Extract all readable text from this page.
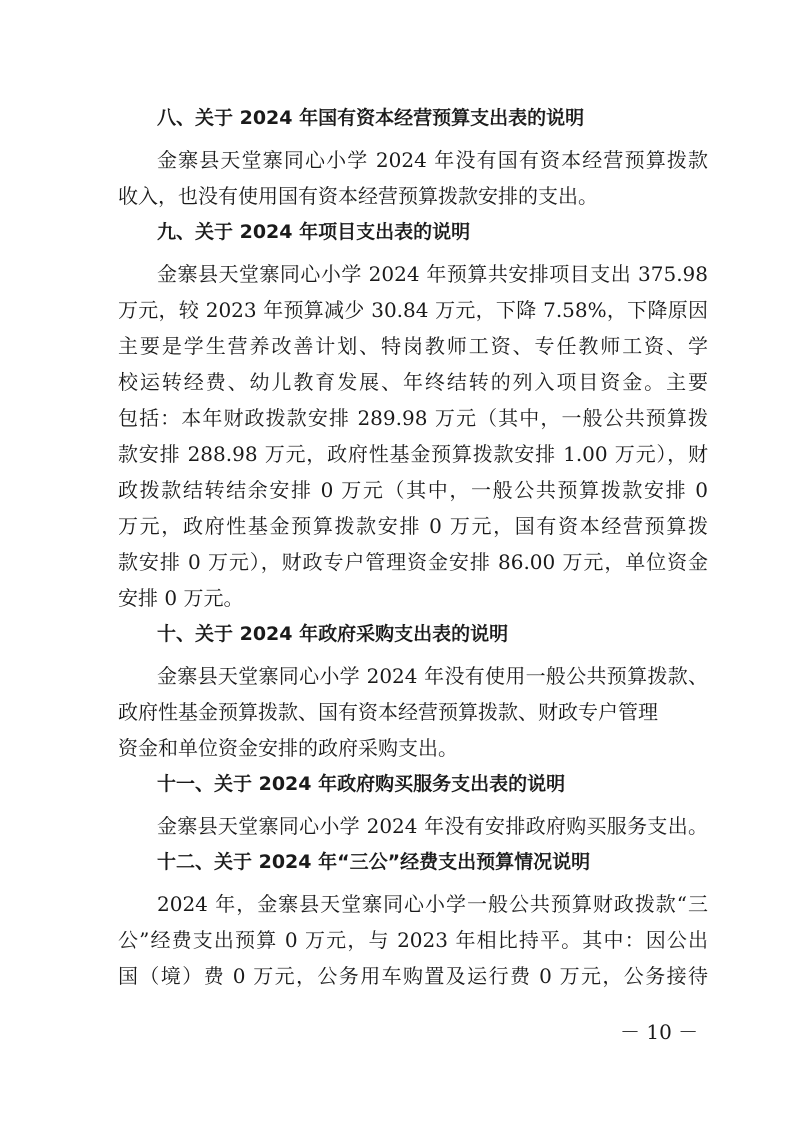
八、关于 2024 年国有资本经营预算支出表的说明
金寨县天堂寨同心小学 2024 年没有国有资本经营预算拨款
收入，也没有使用国有资本经营预算拨款安排的支出。
九、关于 2024 年项目支出表的说明
金寨县天堂寨同心小学 2024 年预算共安排项目支出 375.98
万元，较 2023 年预算减少 30.84 万元，下降 7.58%，下降原因
主要是学生营养改善计划、特岗教师工资、专任教师工资、学
校运转经费、幼儿教育发展、年终结转的列入项目资金。主要
包括：本年财政拨款安排 289.98 万元（其中，一般公共预算拨
款安排 288.98 万元，政府性基金预算拨款安排 1.00 万元），财
政拨款结转结余安排 0 万元（其中，一般公共预算拨款安排 0
万元，政府性基金预算拨款安排 0 万元，国有资本经营预算拨
款安排 0 万元），财政专户管理资金安排 86.00 万元，单位资金
安排 0 万元。
十、关于 2024 年政府采购支出表的说明
金寨县天堂寨同心小学 2024 年没有使用一般公共预算拨款、
政府性基金预算拨款、国有资本经营预算拨款、财政专户管理
资金和单位资金安排的政府采购支出。
十一、关于 2024 年政府购买服务支出表的说明
金寨县天堂寨同心小学 2024 年没有安排政府购买服务支出。
十二、关于 2024 年“三公”经费支出预算情况说明
2024 年，金寨县天堂寨同心小学一般公共预算财政拨款“三
公”经费支出预算 0 万元，与 2023 年相比持平。其中：因公出
国（境）费 0 万元，公务用车购置及运行费 0 万元，公务接待
－ 10 －
